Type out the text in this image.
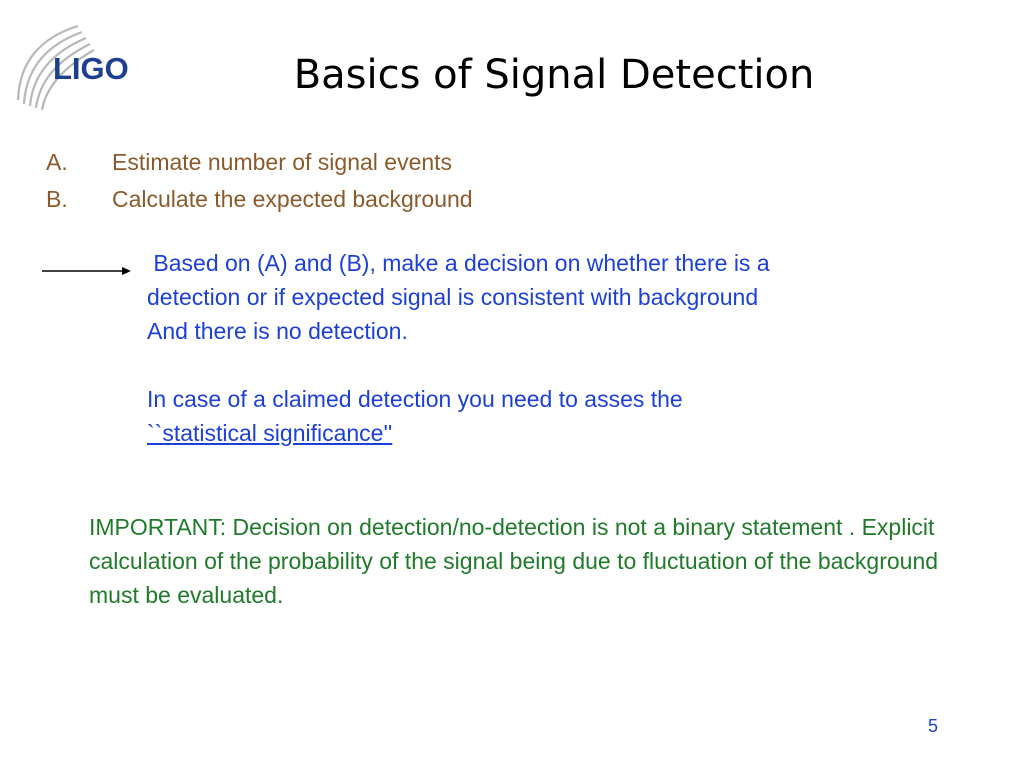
LIGO	Basics of Signal Detection
A.	Estimate number of signal events
B.	Calculate the expected background

Based on (A) and (B), make a decision on whether there is a

detection or if expected signal is consistent with background

And there is no detection.

In case of a claimed detection you need to asses the

``statistical significance''

IMPORTANT: Decision on detection/no-detection is not a binary statement . Explicit calculation of the probability of the signal being due to fluctuation of the background must be evaluated.

5
